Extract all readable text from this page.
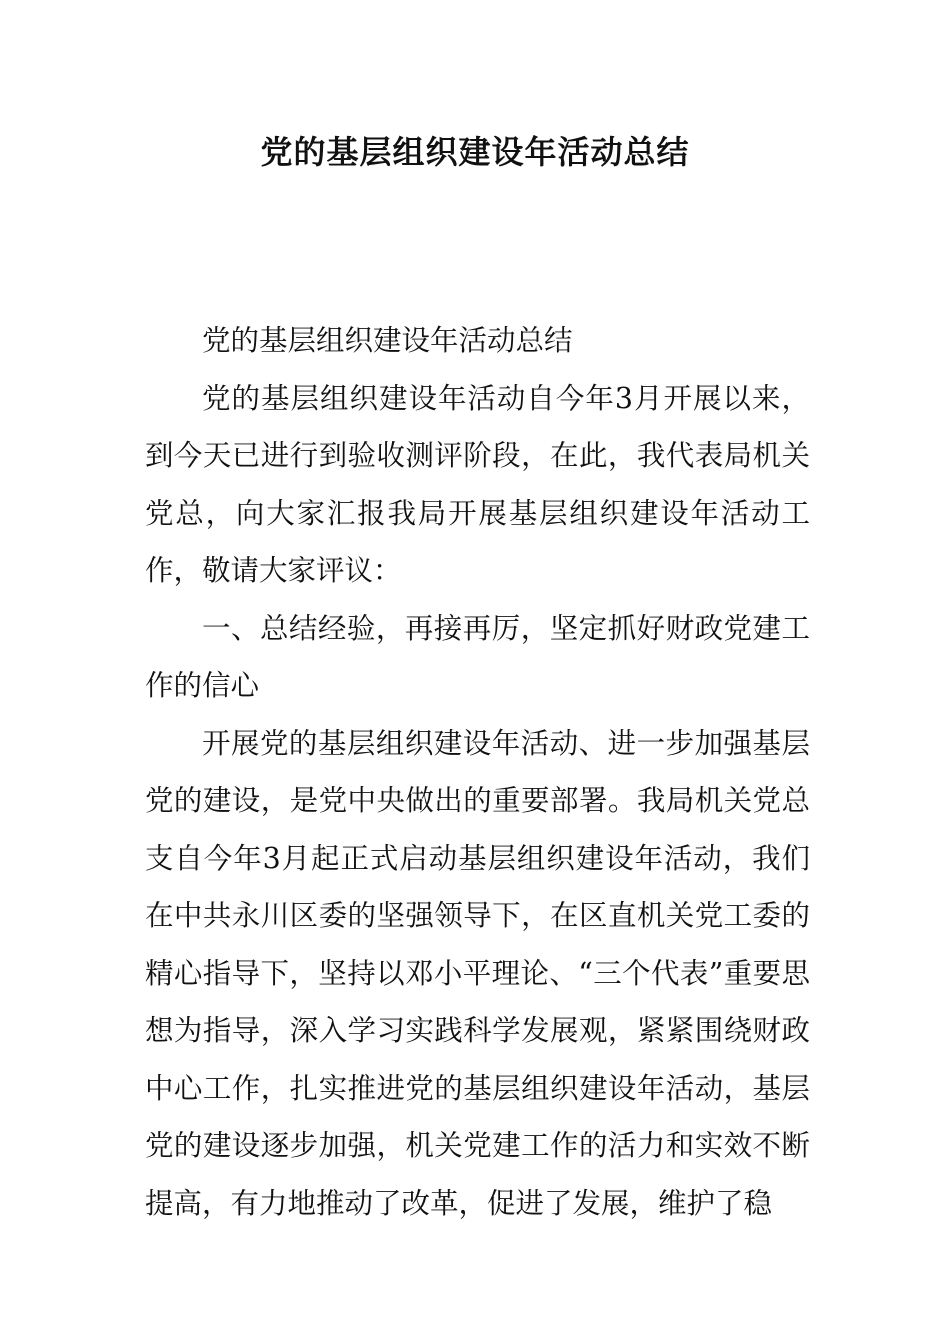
党的基层组织建设年活动总结

党的基层组织建设年活动总结

党的基层组织建设年活动自今年3月开展以来，到今天已进行到验收测评阶段，在此，我代表局机关党总，向大家汇报我局开展基层组织建设年活动工作，敬请大家评议：

一、总结经验，再接再厉，坚定抓好财政党建工作的信心

开展党的基层组织建设年活动、进一步加强基层党的建设，是党中央做出的重要部署。我局机关党总支自今年3月起正式启动基层组织建设年活动，我们在中共永川区委的坚强领导下，在区直机关党工委的精心指导下，坚持以邓小平理论、“三个代表”重要思想为指导，深入学习实践科学发展观，紧紧围绕财政中心工作，扎实推进党的基层组织建设年活动，基层党的建设逐步加强，机关党建工作的活力和实效不断提高，有力地推动了改革，促进了发展，维护了稳
